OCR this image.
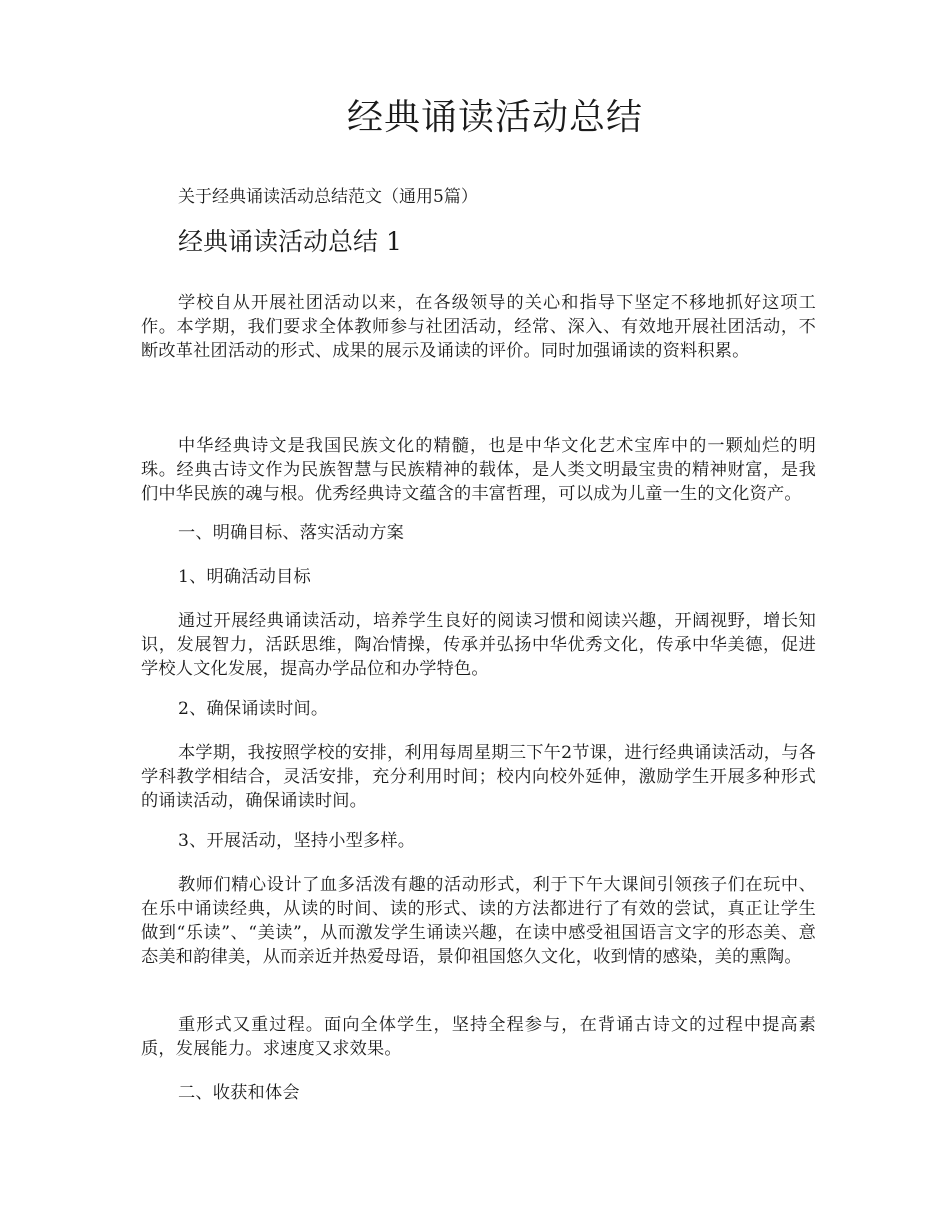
经典诵读活动总结

关于经典诵读活动总结范文（通用5篇）

经典诵读活动总结 1

学校自从开展社团活动以来，在各级领导的关心和指导下坚定不移地抓好这项工作。本学期，我们要求全体教师参与社团活动，经常、深入、有效地开展社团活动，不断改革社团活动的形式、成果的展示及诵读的评价。同时加强诵读的资料积累。

中华经典诗文是我国民族文化的精髓，也是中华文化艺术宝库中的一颗灿烂的明珠。经典古诗文作为民族智慧与民族精神的载体，是人类文明最宝贵的精神财富，是我们中华民族的魂与根。优秀经典诗文蕴含的丰富哲理，可以成为儿童一生的文化资产。

一、明确目标、落实活动方案

1、明确活动目标

通过开展经典诵读活动，培养学生良好的阅读习惯和阅读兴趣，开阔视野，增长知识，发展智力，活跃思维，陶冶情操，传承并弘扬中华优秀文化，传承中华美德，促进学校人文化发展，提高办学品位和办学特色。

2、确保诵读时间。

本学期，我按照学校的安排，利用每周星期三下午2节课，进行经典诵读活动，与各学科教学相结合，灵活安排，充分利用时间；校内向校外延伸，激励学生开展多种形式的诵读活动，确保诵读时间。

3、开展活动，坚持小型多样。

教师们精心设计了血多活泼有趣的活动形式，利于下午大课间引领孩子们在玩中、在乐中诵读经典，从读的时间、读的形式、读的方法都进行了有效的尝试，真正让学生做到“乐读”、“美读”，从而激发学生诵读兴趣，在读中感受祖国语言文字的形态美、意态美和韵律美，从而亲近并热爱母语，景仰祖国悠久文化，收到情的感染，美的熏陶。

重形式又重过程。面向全体学生，坚持全程参与，在背诵古诗文的过程中提高素质，发展能力。求速度又求效果。

二、收获和体会
